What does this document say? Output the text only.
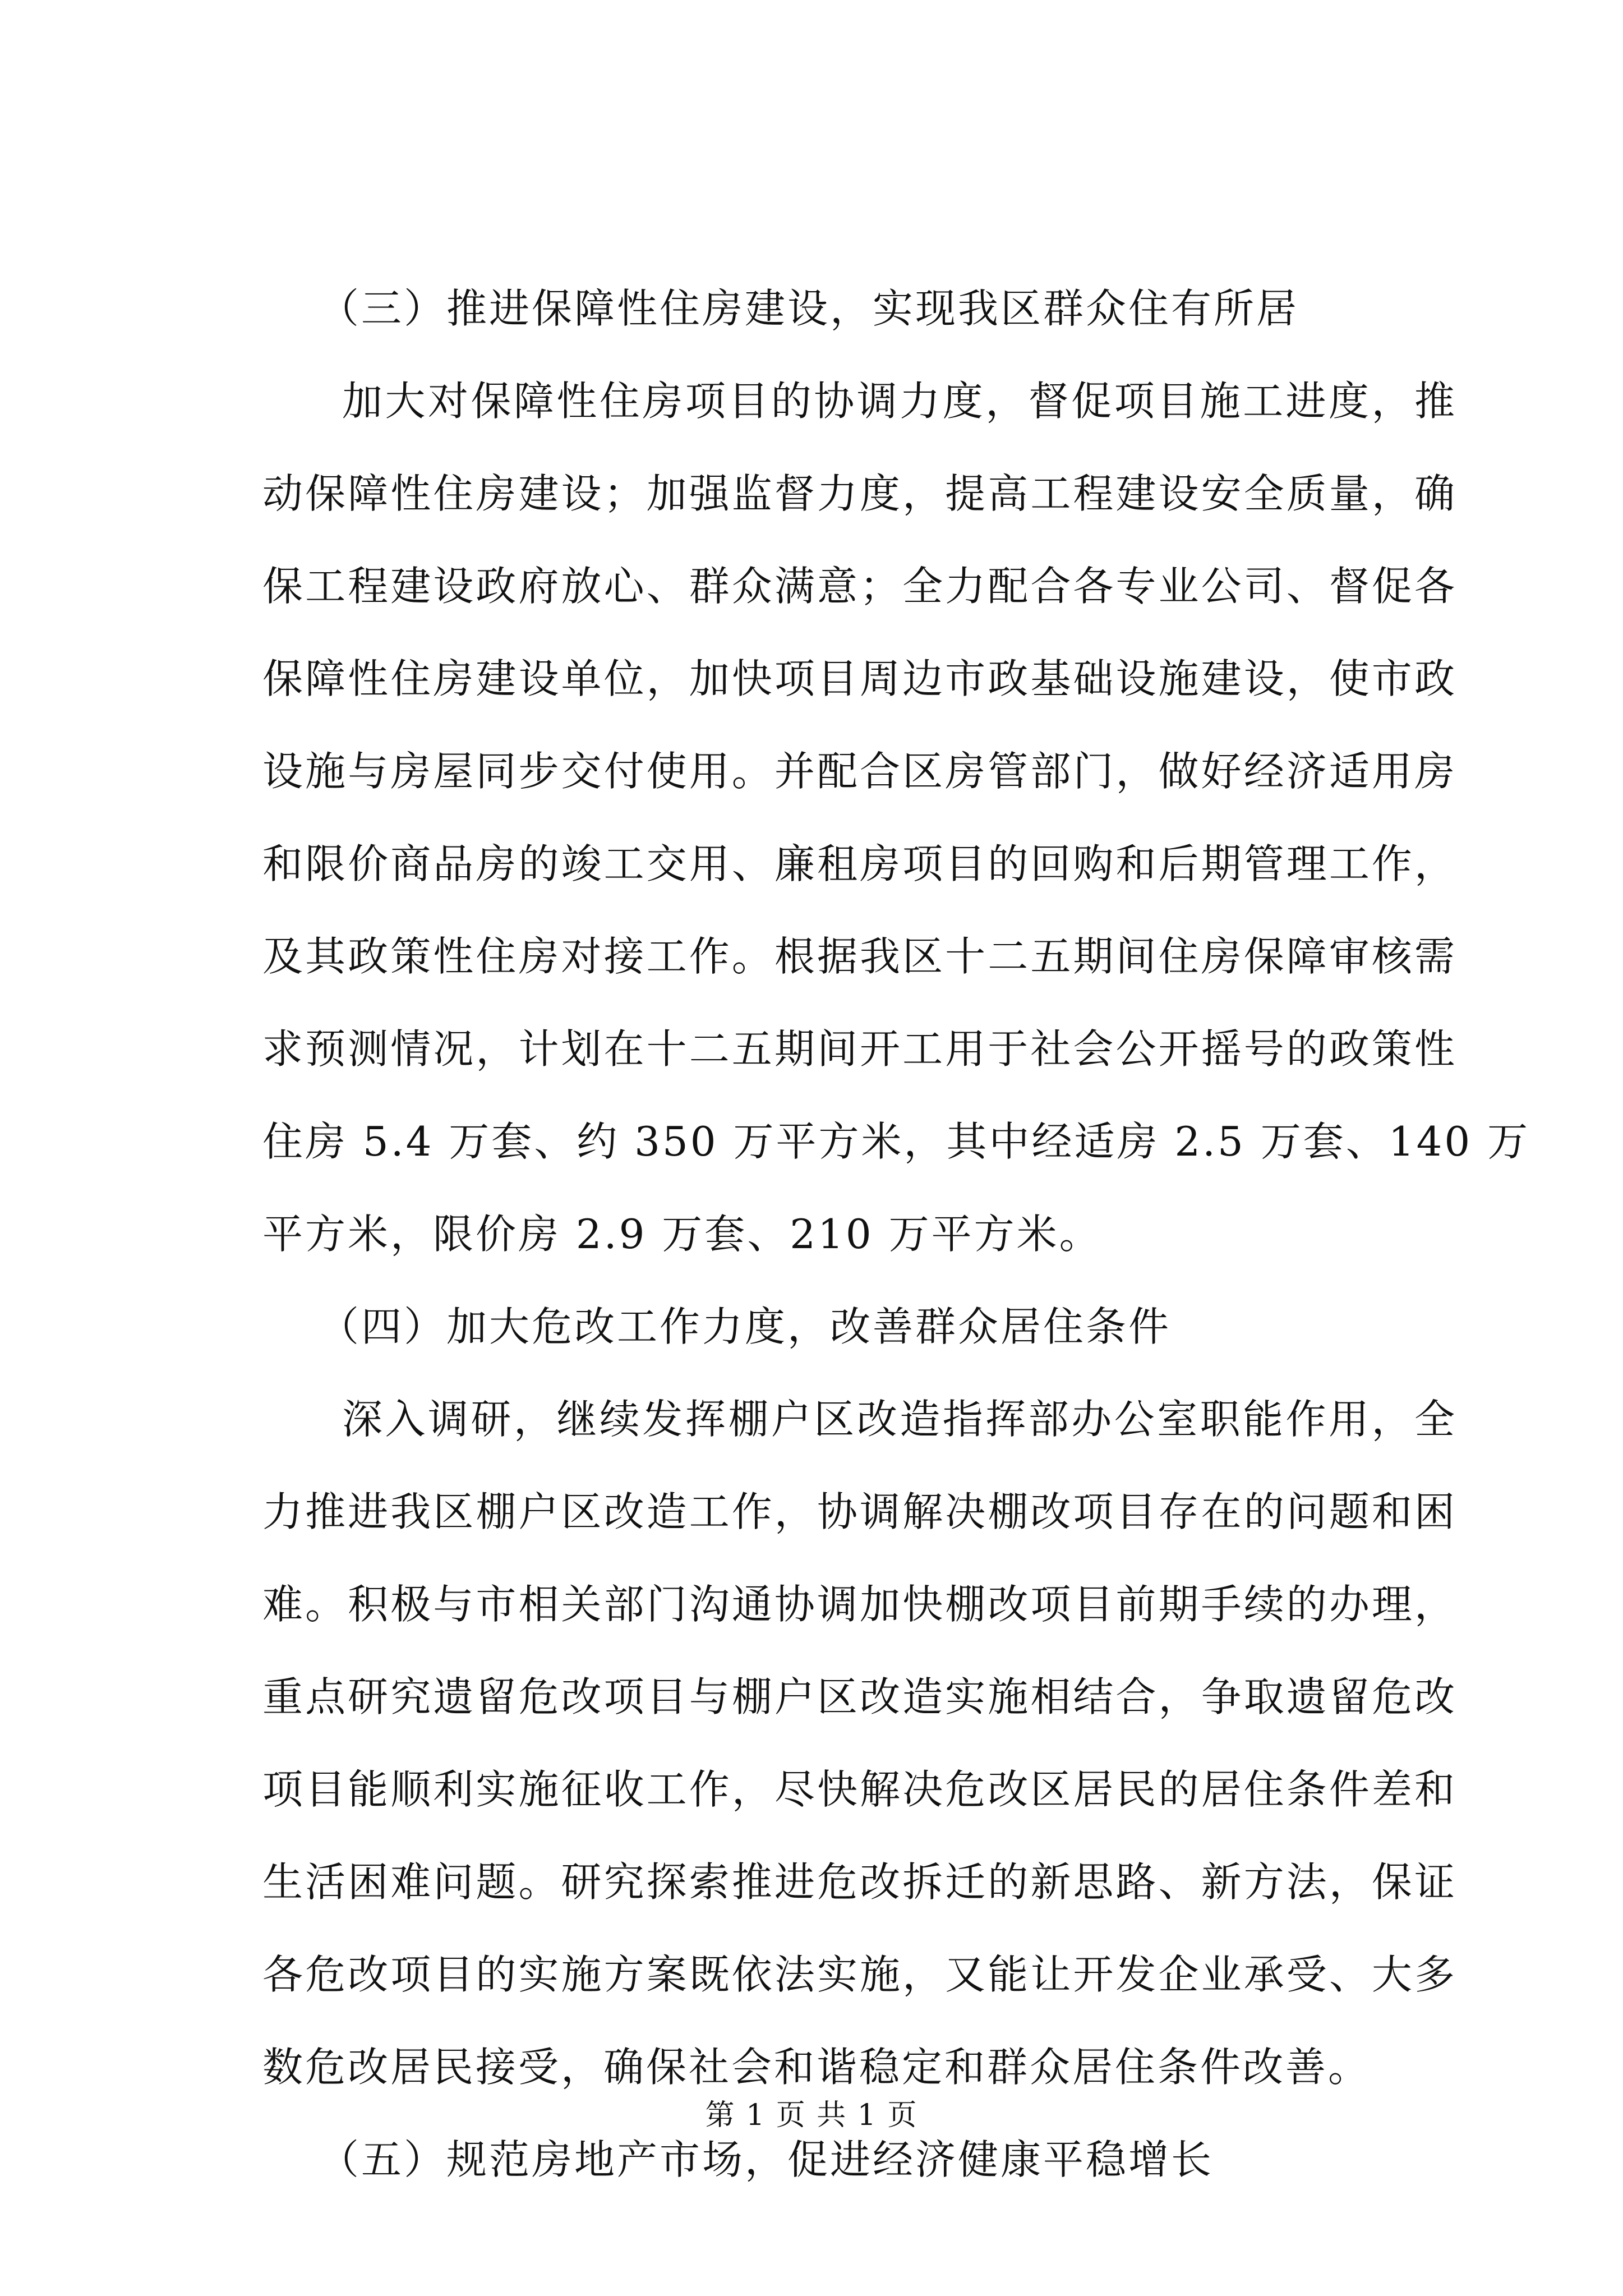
（三）推进保障性住房建设，实现我区群众住有所居
加大对保障性住房项目的协调力度，督促项目施工进度，推
动保障性住房建设；加强监督力度，提高工程建设安全质量，确
保工程建设政府放心、群众满意；全力配合各专业公司、督促各
保障性住房建设单位，加快项目周边市政基础设施建设，使市政
设施与房屋同步交付使用。并配合区房管部门，做好经济适用房
和限价商品房的竣工交用、廉租房项目的回购和后期管理工作，
及其政策性住房对接工作。根据我区十二五期间住房保障审核需
求预测情况，计划在十二五期间开工用于社会公开摇号的政策性
住房 5.4 万套、约 350 万平方米，其中经适房 2.5 万套、140 万
平方米，限价房 2.9 万套、210 万平方米。
（四）加大危改工作力度，改善群众居住条件
深入调研，继续发挥棚户区改造指挥部办公室职能作用，全
力推进我区棚户区改造工作，协调解决棚改项目存在的问题和困
难。积极与市相关部门沟通协调加快棚改项目前期手续的办理，
重点研究遗留危改项目与棚户区改造实施相结合，争取遗留危改
项目能顺利实施征收工作，尽快解决危改区居民的居住条件差和
生活困难问题。研究探索推进危改拆迁的新思路、新方法，保证
各危改项目的实施方案既依法实施，又能让开发企业承受、大多
数危改居民接受，确保社会和谐稳定和群众居住条件改善。
（五）规范房地产市场，促进经济健康平稳增长
第 1 页 共 1 页
